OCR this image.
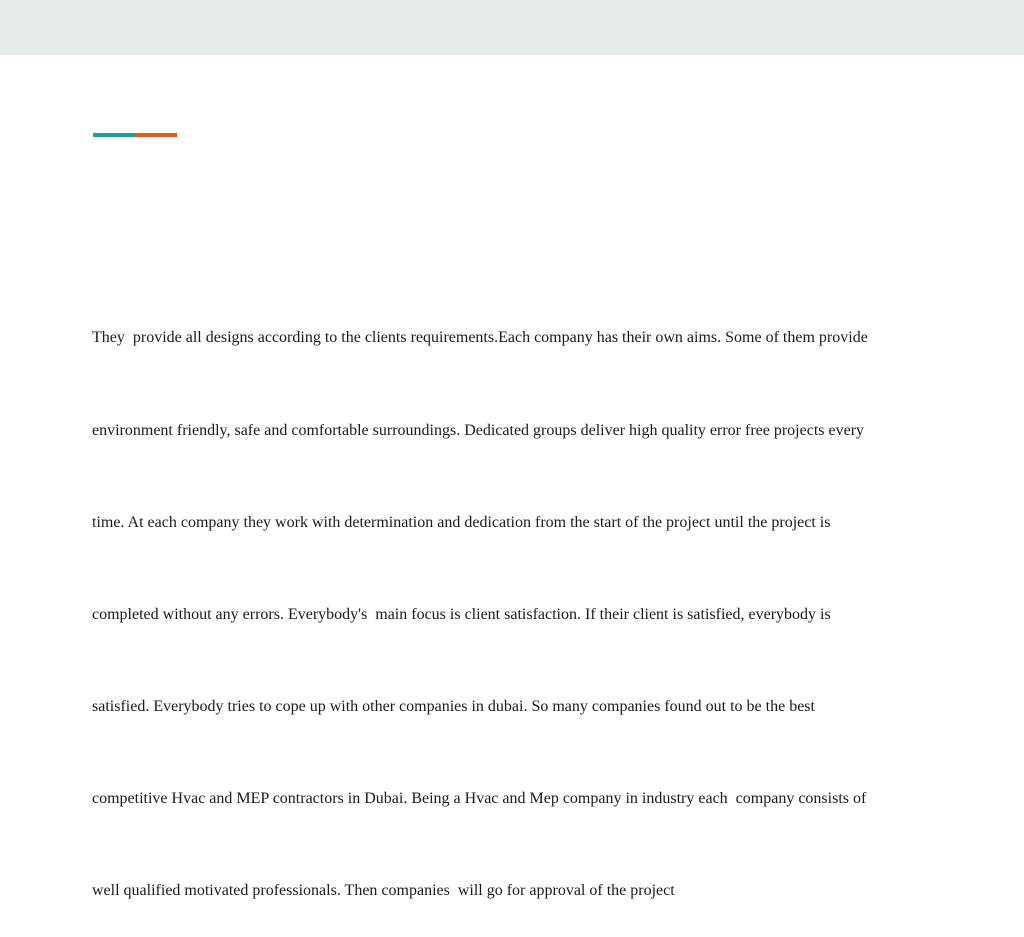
They  provide all designs according to the clients requirements.Each company has their own aims. Some of them provide

environment friendly, safe and comfortable surroundings. Dedicated groups deliver high quality error free projects every

time. At each company they work with determination and dedication from the start of the project until the project is

completed without any errors. Everybody's  main focus is client satisfaction. If their client is satisfied, everybody is

satisfied. Everybody tries to cope up with other companies in dubai. So many companies found out to be the best

competitive Hvac and MEP contractors in Dubai. Being a Hvac and Mep company in industry each  company consists of

well qualified motivated professionals. Then companies  will go for approval of the project
